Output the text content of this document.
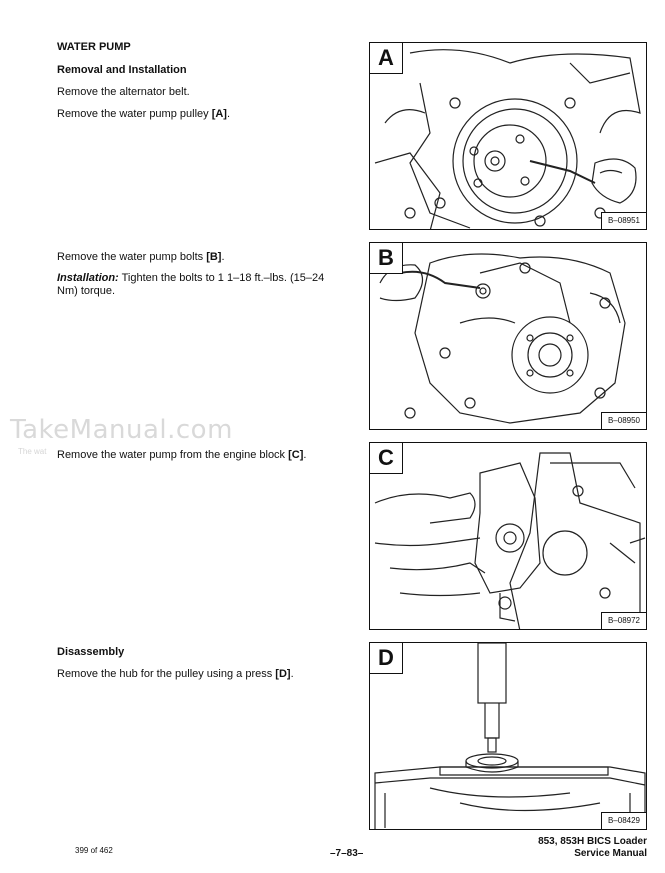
WATER PUMP
Removal and Installation
Remove the alternator belt.
Remove the water pump pulley [A].
Remove the water pump bolts [B].
Installation: Tighten the bolts to 1 1–18 ft.–lbs. (15–24 Nm) torque.
TakeManual.com
The wat Remove the water pump from the engine block [C].
Disassembly
Remove the hub for the pulley using a press [D].
A
B–08951
B
B–08950
C
B–08972
D
B–08429
399 of 462	–7–83–
853, 853H BICS Loader
Service Manual
